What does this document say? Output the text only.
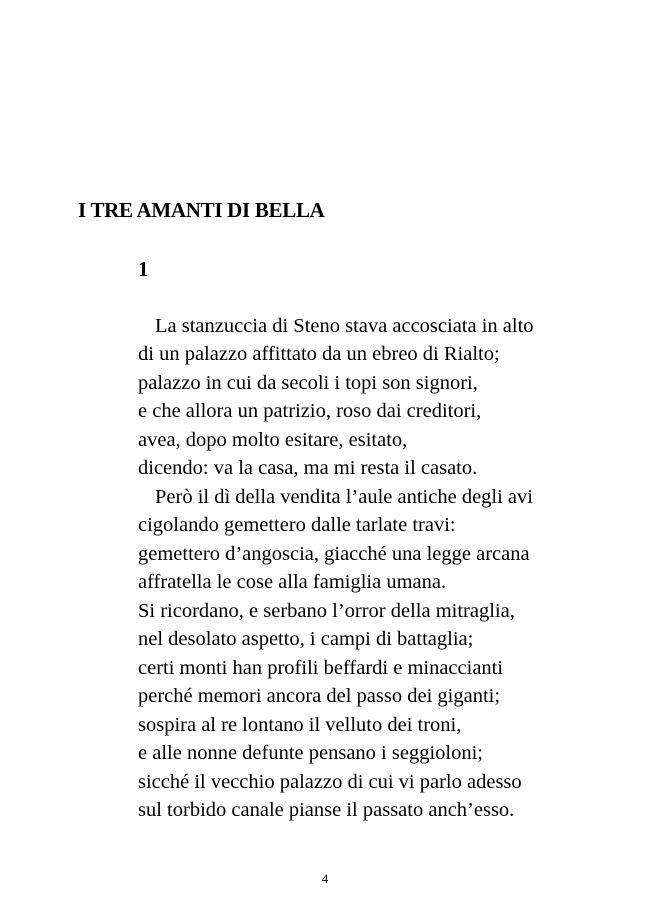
I TRE AMANTI DI BELLA
1
La stanzuccia di Steno stava accosciata in alto
di un palazzo affittato da un ebreo di Rialto;
palazzo in cui da secoli i topi son signori,
e che allora un patrizio, roso dai creditori,
avea, dopo molto esitare, esitato,
dicendo: va la casa, ma mi resta il casato.
Però il dì della vendita l’aule antiche degli avi
cigolando gemettero dalle tarlate travi:
gemettero d’angoscia, giacché una legge arcana
affratella le cose alla famiglia umana.
Si ricordano, e serbano l’orror della mitraglia,
nel desolato aspetto, i campi di battaglia;
certi monti han profili beffardi e minaccianti
perché memori ancora del passo dei giganti;
sospira al re lontano il velluto dei troni,
e alle nonne defunte pensano i seggioloni;
sicché il vecchio palazzo di cui vi parlo adesso
sul torbido canale pianse il passato anch’esso.
4
